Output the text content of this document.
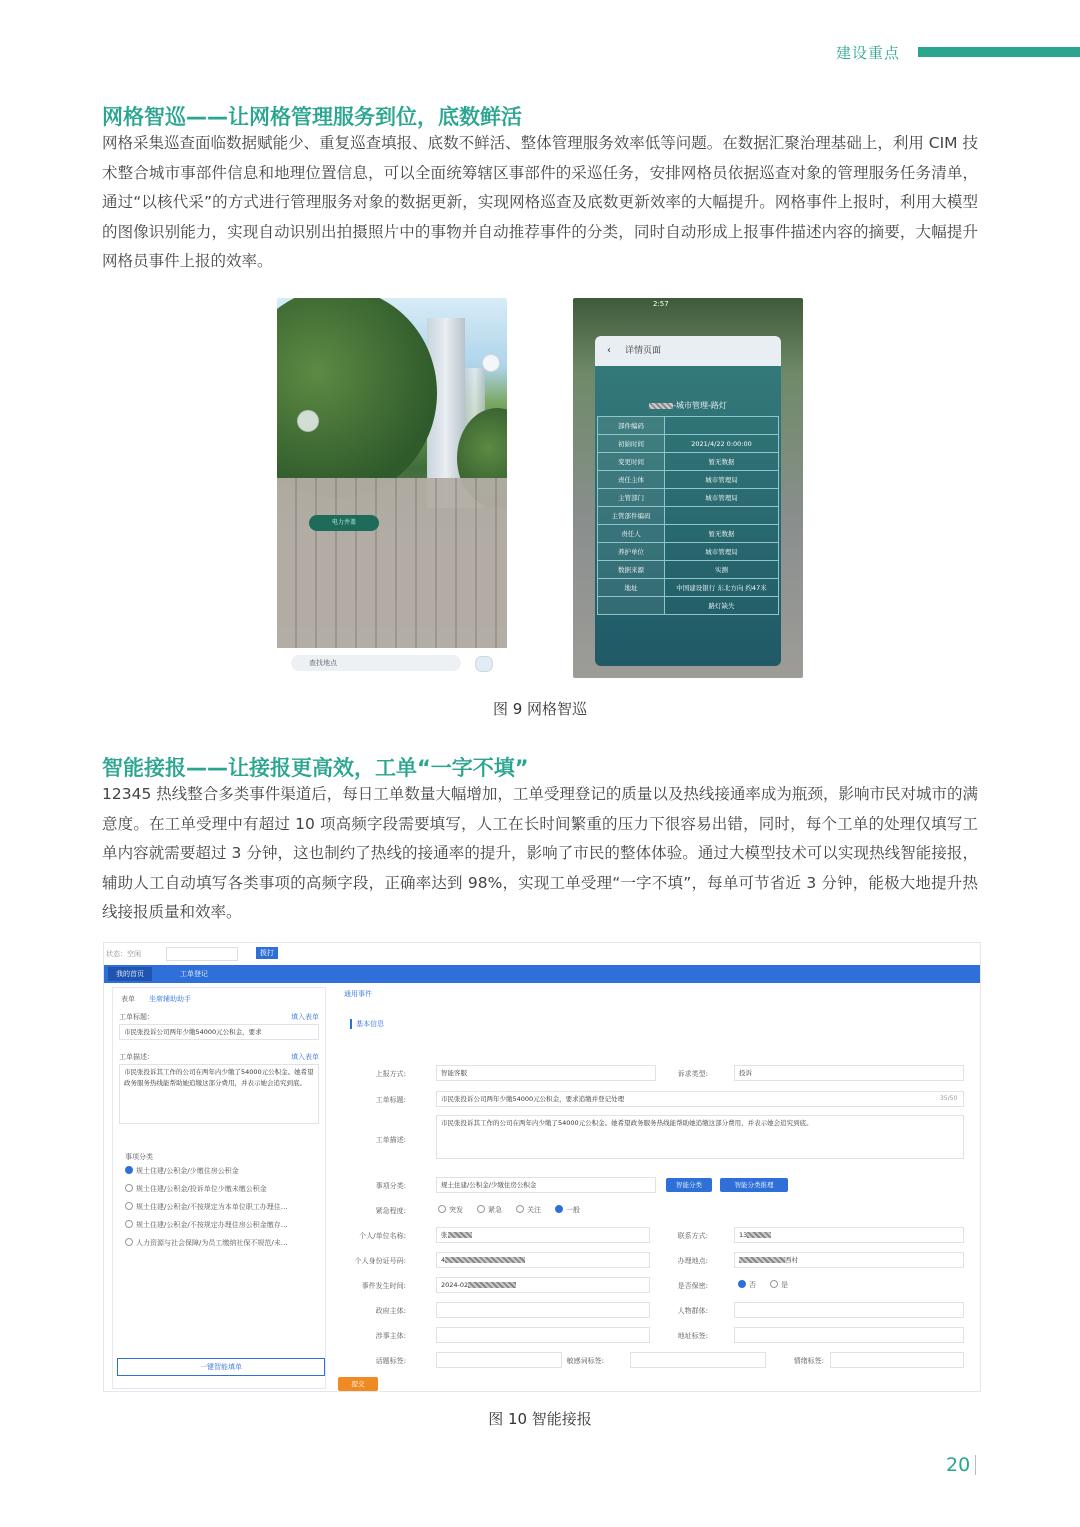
建设重点
网格智巡——让网格管理服务到位，底数鲜活

网格采集巡查面临数据赋能少、重复巡查填报、底数不鲜活、整体管理服务效率低等问题。在数据汇聚治理基础上，利用 CIM 技术整合城市事部件信息和地理位置信息，可以全面统筹辖区事部件的采巡任务，安排网格员依据巡查对象的管理服务任务清单，通过“以核代采”的方式进行管理服务对象的数据更新，实现网格巡查及底数更新效率的大幅提升。网格事件上报时，利用大模型的图像识别能力，实现自动识别出拍摄照片中的事物并自动推荐事件的分类，同时自动形成上报事件描述内容的摘要，大幅提升网格员事件上报的效率。

电力井盖
查找地点
2:57
‹ 详情页面
-城市管理-路灯
部件编码	
初始时间	2021/4/22 0:00:00
变更时间	暂无数据
责任主体	城市管理局
主管部门	城市管理局
主管部件编码	
责任人	暂无数据
养护单位	城市管理局
数据来源	实测
地址	中国建设银行 东北方向 约47米
	路灯缺失
图 9 网格智巡
智能接报——让接报更高效，工单“一字不填”

12345 热线整合多类事件渠道后，每日工单数量大幅增加，工单受理登记的质量以及热线接通率成为瓶颈，影响市民对城市的满意度。在工单受理中有超过 10 项高频字段需要填写，人工在长时间繁重的压力下很容易出错，同时，每个工单的处理仅填写工单内容就需要超过 3 分钟，这也制约了热线的接通率的提升，影响了市民的整体体验。通过大模型技术可以实现热线智能接报，辅助人工自动填写各类事项的高频字段，正确率达到 98%，实现工单受理“一字不填”，每单可节省近 3 分钟，能极大地提升热线接报质量和效率。

状态：空闲	拨打
我的首页	工单登记
表单 坐席辅助助手
工单标题：	填入表单
市民张投诉公司两年少缴54000元公积金，要求
工单描述：	填入表单
市民张投诉其工作的公司在两年内少缴了54000元公积金。她希望政务服务热线能帮助她追缴这部分费用，并表示她会追究到底。
事项分类
规土住建/公积金/少缴住房公积金
规土住建/公积金/投诉单位少缴未缴公积金
规土住建/公积金/不按规定为本单位职工办理住…
规土住建/公积金/不按规定办理住房公积金缴存…
人力资源与社会保障/为员工缴纳社保不规范/未…
一键智能填单
通用事件
基本信息
上报方式:	智能客服	诉求类型:	投诉
工单标题:	市民张投诉公司两年少缴54000元公积金，要求追缴并登记处理	35/50
工单描述:
市民张投诉其工作的公司在两年内少缴了54000元公积金。她希望政务服务热线能帮助她追缴这部分费用，并表示她会追究到底。
事项分类:	规土住建/公积金/少缴住房公积金	智能分类	智能分类推理
紧急程度:	突发	紧急	关注	一般
个人/单位名称:	张	联系方式:	13
个人身份证号码:	4	办理地点:	西村
事件发生时间:	2024-02	是否保密:	否	是
政府主体:	人物群体:
涉事主体:	地址标签:
话题标签:	敏感词标签:	情绪标签:
提交
图 10 智能接报
20
